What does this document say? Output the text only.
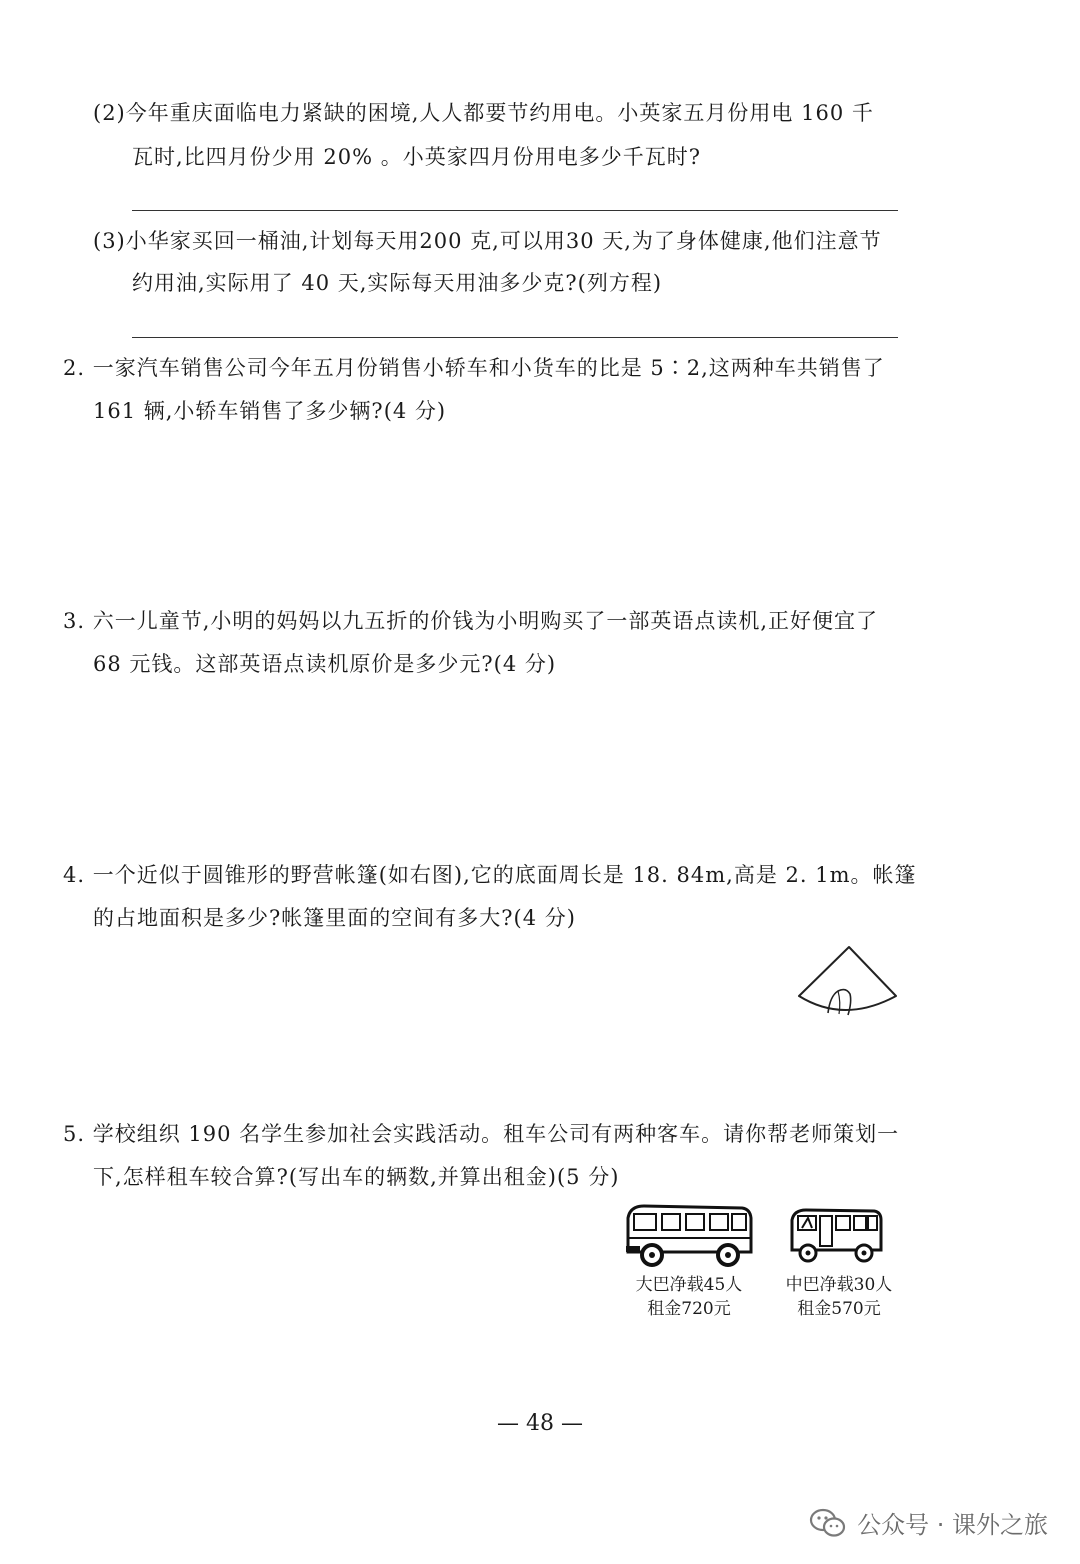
(2)今年重庆面临电力紧缺的困境,人人都要节约用电。小英家五月份用电 160 千
瓦时,比四月份少用 20% 。小英家四月份用电多少千瓦时?
(3)小华家买回一桶油,计划每天用200 克,可以用30 天,为了身体健康,他们注意节
约用油,实际用了 40 天,实际每天用油多少克?(列方程)
2. 一家汽车销售公司今年五月份销售小轿车和小货车的比是 5∶2,这两种车共销售了
161 辆,小轿车销售了多少辆?(4 分)
3. 六一儿童节,小明的妈妈以九五折的价钱为小明购买了一部英语点读机,正好便宜了
68 元钱。这部英语点读机原价是多少元?(4 分)
4. 一个近似于圆锥形的野营帐篷(如右图),它的底面周长是 18. 84m,高是 2. 1m。帐篷
的占地面积是多少?帐篷里面的空间有多大?(4 分)
5. 学校组织 190 名学生参加社会实践活动。租车公司有两种客车。请你帮老师策划一
下,怎样租车较合算?(写出车的辆数,并算出租金)(5 分)
大巴净载45人
租金720元
中巴净载30人
租金570元
— 48 —
公众号 · 课外之旅
